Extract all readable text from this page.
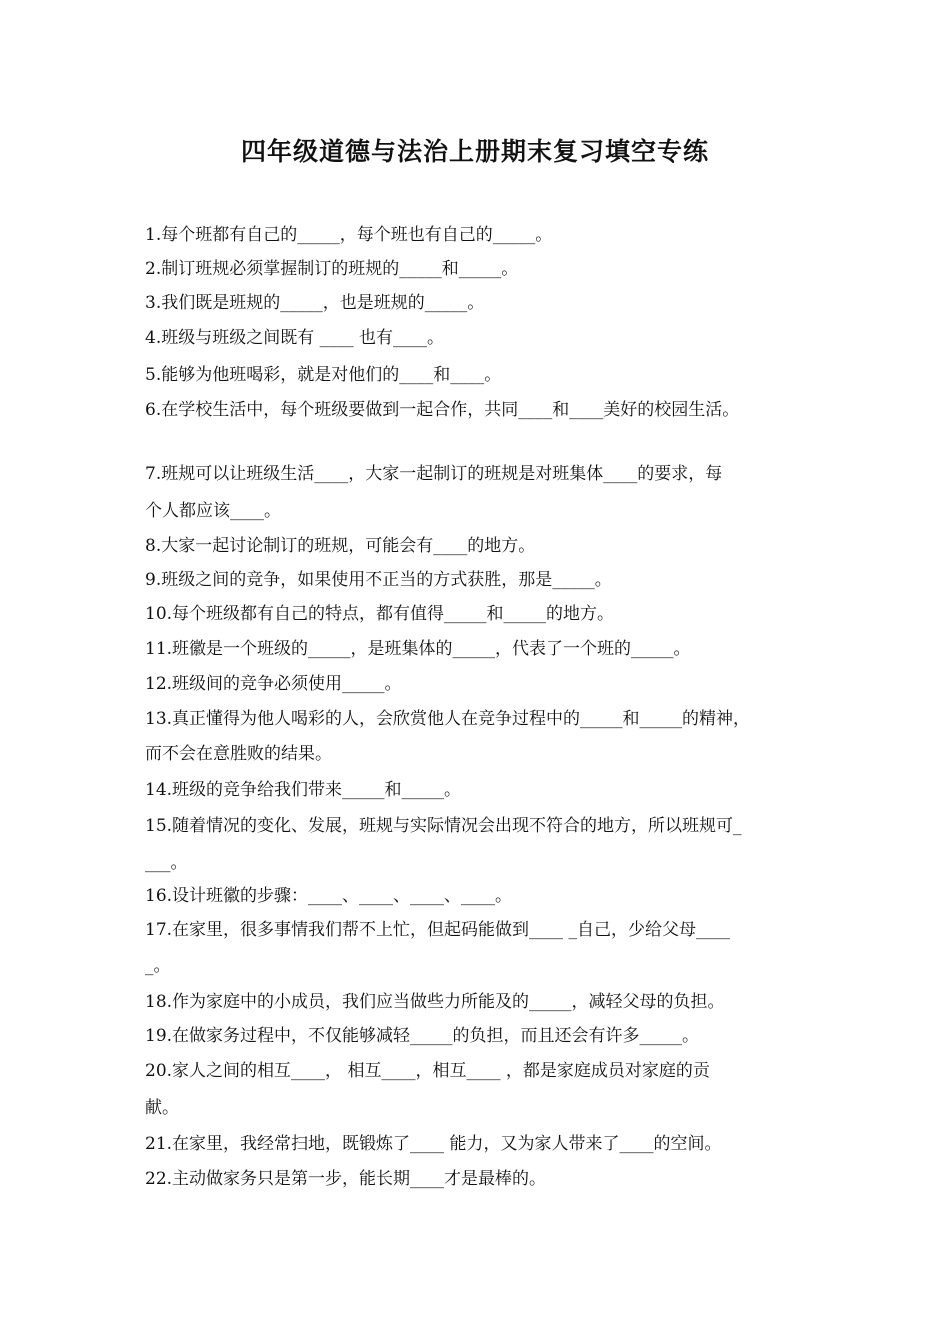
四年级道德与法治上册期末复习填空专练
1.每个班都有自己的_____，每个班也有自己的_____。
2.制订班规必须掌握制订的班规的_____和_____。
3.我们既是班规的_____，也是班规的_____。
4.班级与班级之间既有 ____ 也有____。
5.能够为他班喝彩，就是对他们的____和____。
6.在学校生活中，每个班级要做到一起合作，共同____和____美好的校园生活。
7.班规可以让班级生活____，大家一起制订的班规是对班集体____的要求，每
个人都应该____。
8.大家一起讨论制订的班规，可能会有____的地方。
9.班级之间的竞争，如果使用不正当的方式获胜，那是_____。
10.每个班级都有自己的特点，都有值得_____和_____的地方。
11.班徽是一个班级的_____，是班集体的_____，代表了一个班的_____。
12.班级间的竞争必须使用_____。
13.真正懂得为他人喝彩的人，会欣赏他人在竞争过程中的_____和_____的精神，
而不会在意胜败的结果。
14.班级的竞争给我们带来_____和_____。
15.随着情况的变化、发展，班规与实际情况会出现不符合的地方，所以班规可_
___。
16.设计班徽的步骤：____、____、____、____。
17.在家里，很多事情我们帮不上忙，但起码能做到____ _自己，少给父母____
_。
18.作为家庭中的小成员，我们应当做些力所能及的_____，减轻父母的负担。
19.在做家务过程中，不仅能够减轻_____的负担，而且还会有许多_____。
20.家人之间的相互____， 相互____，相互____ ，都是家庭成员对家庭的贡
献。
21.在家里，我经常扫地，既锻炼了____ 能力，又为家人带来了____的空间。
22.主动做家务只是第一步，能长期____才是最棒的。
